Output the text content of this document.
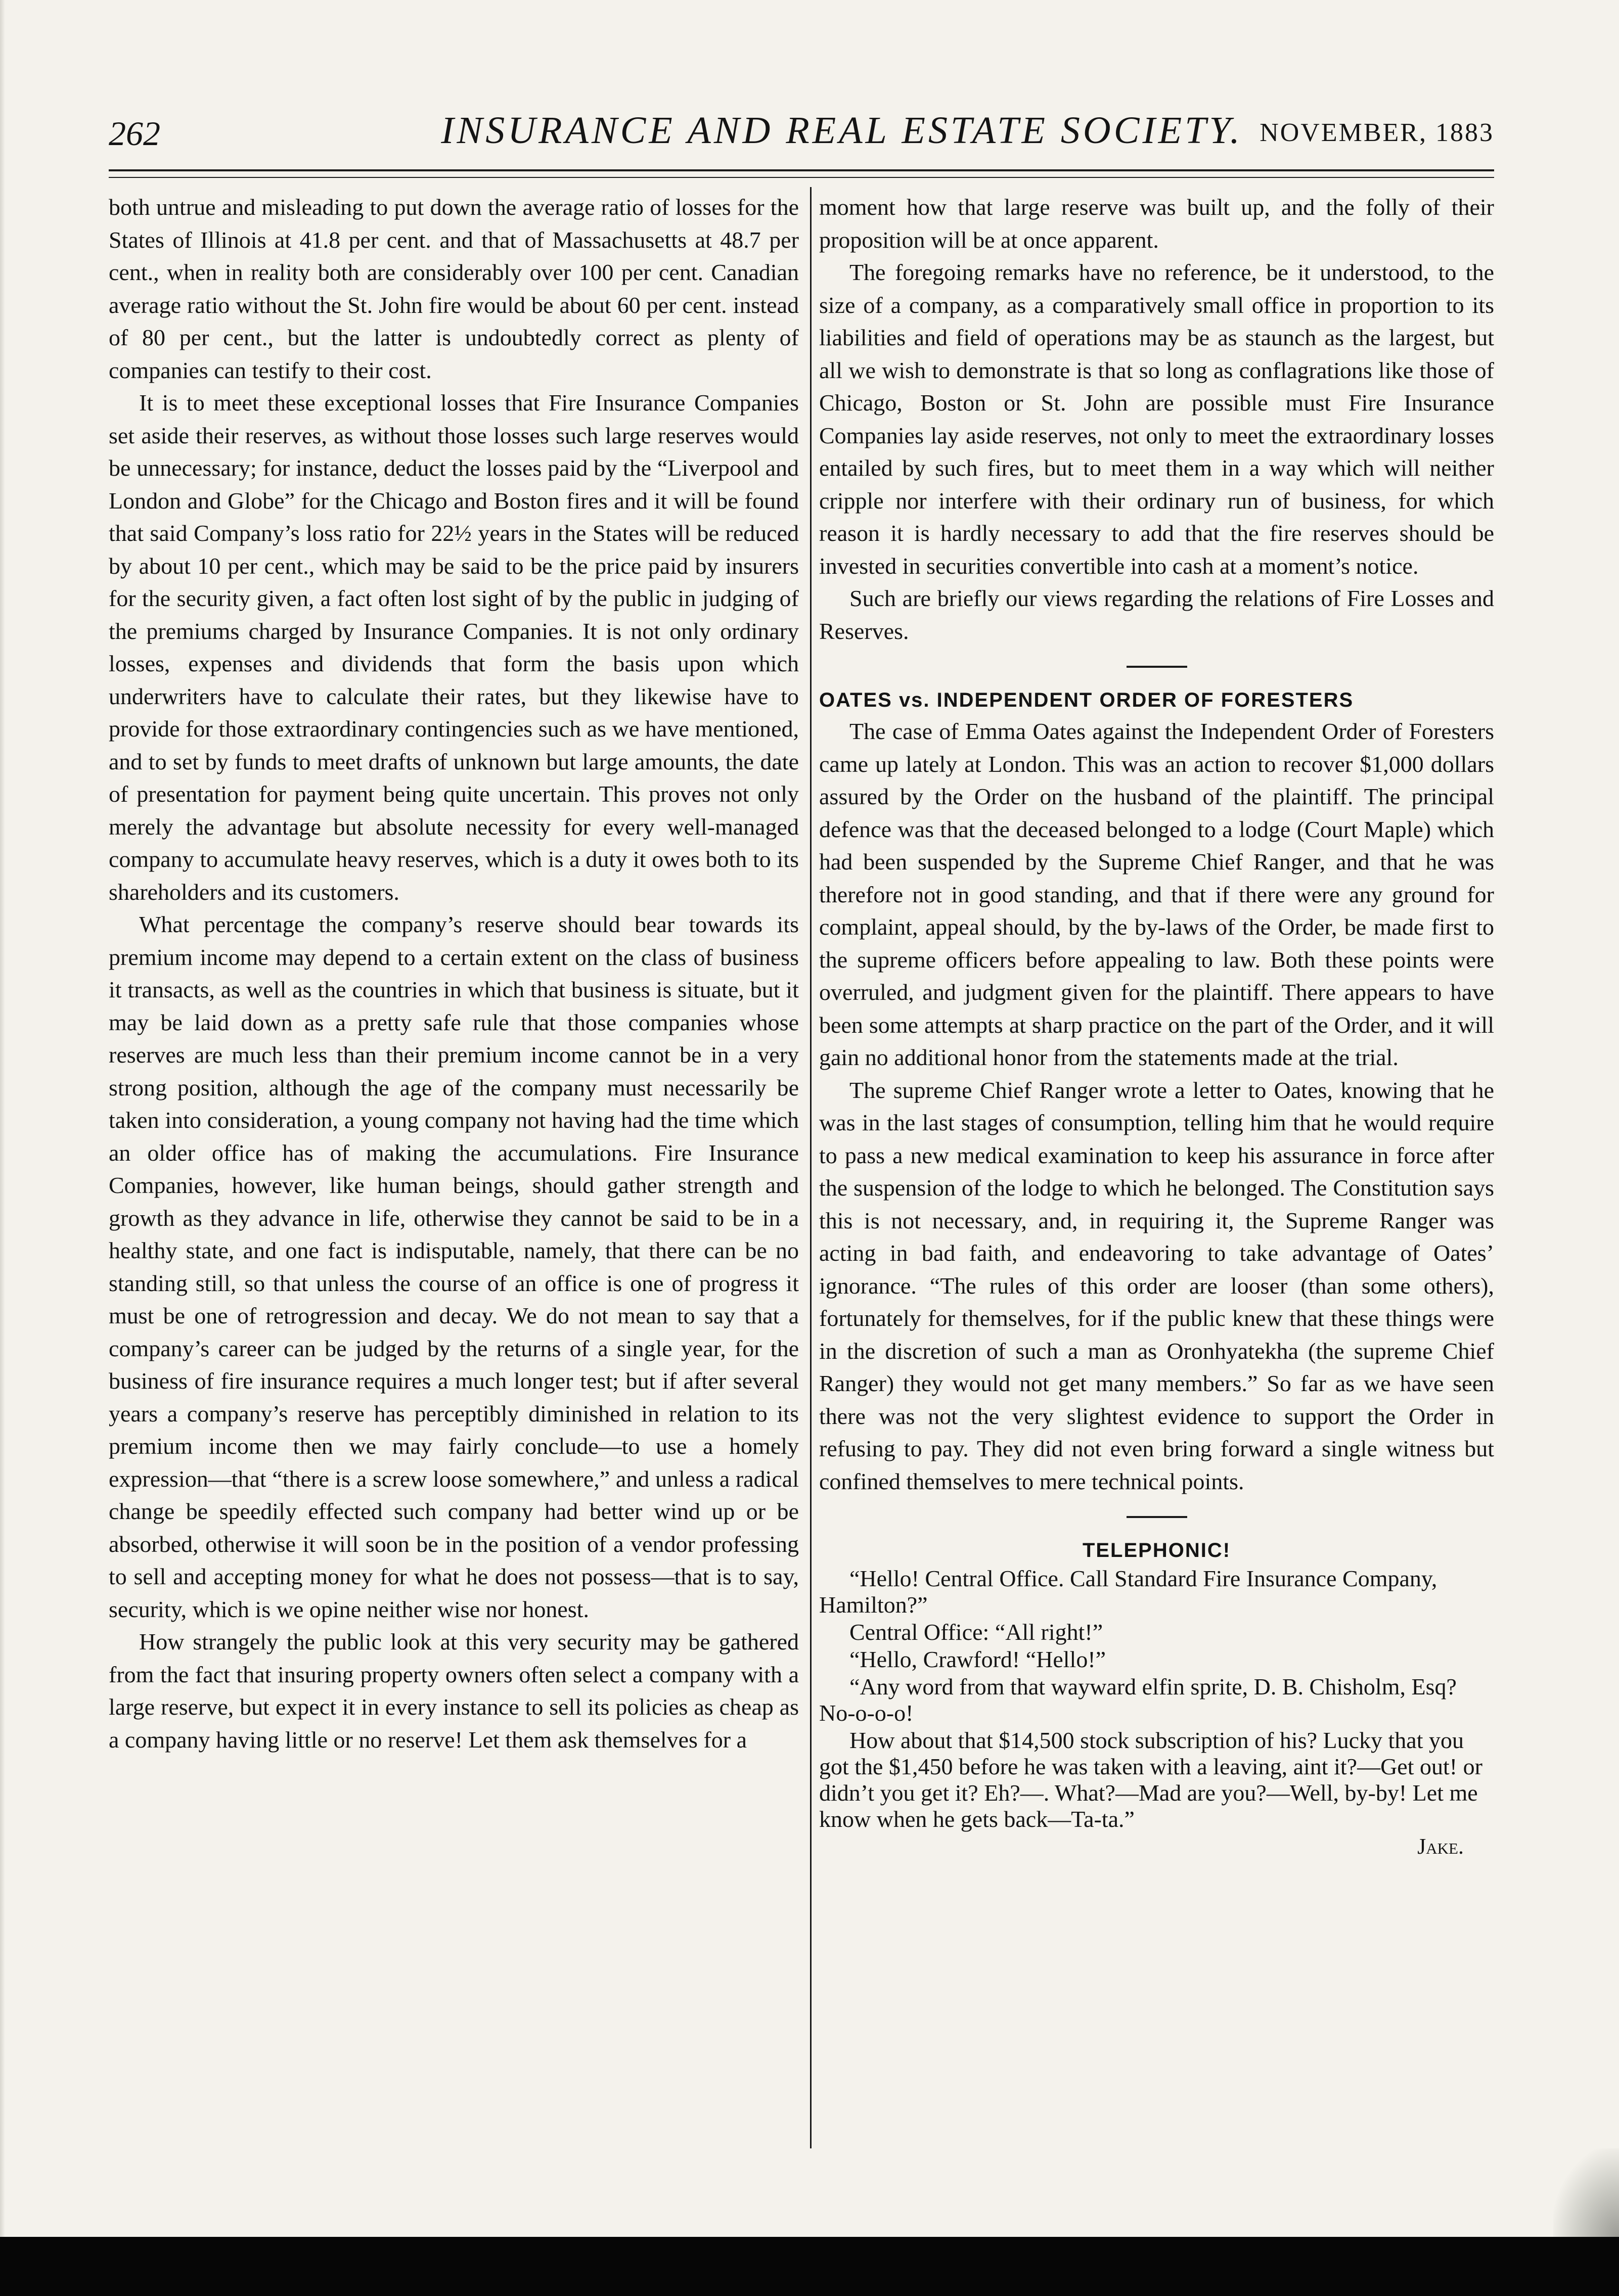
262	INSURANCE AND REAL ESTATE SOCIETY. NOVEMBER, 1883

both untrue and misleading to put down the average ratio of losses for the States of Illinois at 41.8 per cent. and that of Massachusetts at 48.7 per cent., when in reality both are considerably over 100 per cent. Canadian average ratio without the St. John fire would be about 60 per cent. instead of 80 per cent., but the latter is undoubtedly correct as plenty of companies can testify to their cost.

It is to meet these exceptional losses that Fire Insurance Companies set aside their reserves, as without those losses such large reserves would be unnecessary; for instance, deduct the losses paid by the “Liverpool and London and Globe” for the Chicago and Boston fires and it will be found that said Company’s loss ratio for 22½ years in the States will be reduced by about 10 per cent., which may be said to be the price paid by insurers for the security given, a fact often lost sight of by the public in judging of the premiums charged by Insurance Companies. It is not only ordinary losses, expenses and dividends that form the basis upon which underwriters have to calculate their rates, but they likewise have to provide for those extraordinary contingencies such as we have mentioned, and to set by funds to meet drafts of unknown but large amounts, the date of presentation for payment being quite uncertain. This proves not only merely the advantage but absolute necessity for every well-managed company to accumulate heavy reserves, which is a duty it owes both to its shareholders and its customers.

What percentage the company’s reserve should bear towards its premium income may depend to a certain extent on the class of business it transacts, as well as the countries in which that business is situate, but it may be laid down as a pretty safe rule that those companies whose reserves are much less than their premium income cannot be in a very strong position, although the age of the company must necessarily be taken into consideration, a young company not having had the time which an older office has of making the accumulations. Fire Insurance Companies, however, like human beings, should gather strength and growth as they advance in life, otherwise they cannot be said to be in a healthy state, and one fact is indisputable, namely, that there can be no standing still, so that unless the course of an office is one of progress it must be one of retrogression and decay. We do not mean to say that a company’s career can be judged by the returns of a single year, for the business of fire insurance requires a much longer test; but if after several years a company’s reserve has perceptibly diminished in relation to its premium income then we may fairly conclude—to use a homely expression—that “there is a screw loose somewhere,” and unless a radical change be speedily effected such company had better wind up or be absorbed, otherwise it will soon be in the position of a vendor professing to sell and accepting money for what he does not possess—that is to say, security, which is we opine neither wise nor honest.

How strangely the public look at this very security may be gathered from the fact that insuring property owners often select a company with a large reserve, but expect it in every instance to sell its policies as cheap as a company having little or no reserve! Let them ask themselves for a

moment how that large reserve was built up, and the folly of their proposition will be at once apparent.

The foregoing remarks have no reference, be it understood, to the size of a company, as a comparatively small office in proportion to its liabilities and field of operations may be as staunch as the largest, but all we wish to demonstrate is that so long as conflagrations like those of Chicago, Boston or St. John are possible must Fire Insurance Companies lay aside reserves, not only to meet the extraordinary losses entailed by such fires, but to meet them in a way which will neither cripple nor interfere with their ordinary run of business, for which reason it is hardly necessary to add that the fire reserves should be invested in securities convertible into cash at a moment’s notice.

Such are briefly our views regarding the relations of Fire Losses and Reserves.

OATES vs. INDEPENDENT ORDER OF FORESTERS

The case of Emma Oates against the Independent Order of Foresters came up lately at London. This was an action to recover $1,000 dollars assured by the Order on the husband of the plaintiff. The principal defence was that the deceased belonged to a lodge (Court Maple) which had been suspended by the Supreme Chief Ranger, and that he was therefore not in good standing, and that if there were any ground for complaint, appeal should, by the by-laws of the Order, be made first to the supreme officers before appealing to law. Both these points were overruled, and judgment given for the plaintiff. There appears to have been some attempts at sharp practice on the part of the Order, and it will gain no additional honor from the statements made at the trial.

The supreme Chief Ranger wrote a letter to Oates, knowing that he was in the last stages of consumption, telling him that he would require to pass a new medical examination to keep his assurance in force after the suspension of the lodge to which he belonged. The Constitution says this is not necessary, and, in requiring it, the Supreme Ranger was acting in bad faith, and endeavoring to take advantage of Oates’ ignorance. “The rules of this order are looser (than some others), fortunately for themselves, for if the public knew that these things were in the discretion of such a man as Oronhyatekha (the supreme Chief Ranger) they would not get many members.” So far as we have seen there was not the very slightest evidence to support the Order in refusing to pay. They did not even bring forward a single witness but confined themselves to mere technical points.

TELEPHONIC!

“Hello! Central Office. Call Standard Fire Insurance Company, Hamilton?”

Central Office: “All right!”

“Hello, Crawford! “Hello!”

“Any word from that wayward elfin sprite, D. B. Chisholm, Esq? No-o-o-o!

How about that $14,500 stock subscription of his? Lucky that you got the $1,450 before he was taken with a leaving, aint it?—Get out! or didn’t you get it? Eh?—. What?—Mad are you?—Well, by-by! Let me know when he gets back—Ta-ta.”

Jake.
